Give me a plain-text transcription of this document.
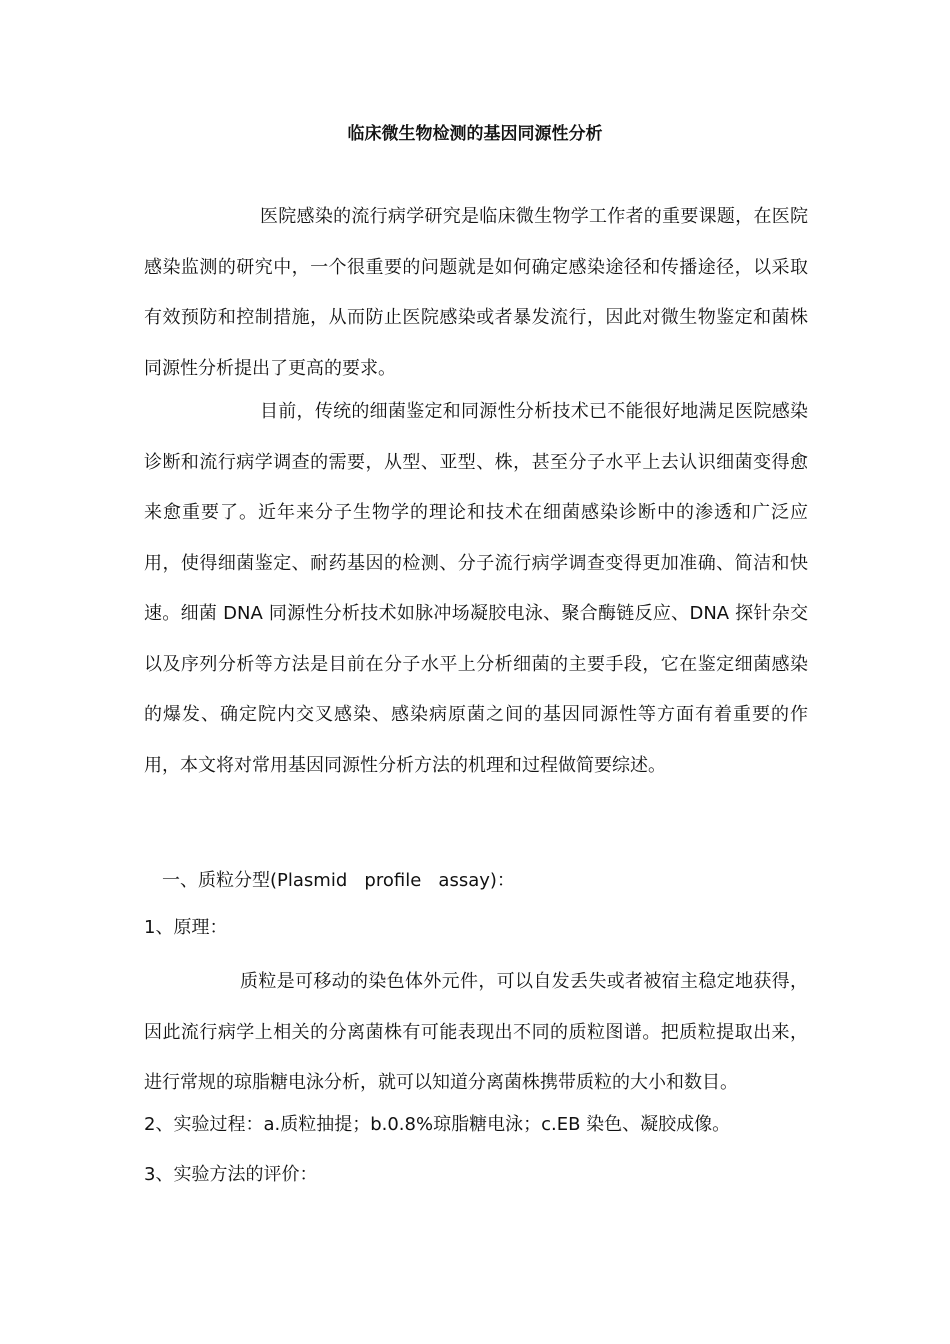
临床微生物检测的基因同源性分析

医院感染的流行病学研究是临床微生物学工作者的重要课题，在医院感染监测的研究中，一个很重要的问题就是如何确定感染途径和传播途径，以采取有效预防和控制措施，从而防止医院感染或者暴发流行，因此对微生物鉴定和菌株同源性分析提出了更高的要求。

目前，传统的细菌鉴定和同源性分析技术已不能很好地满足医院感染诊断和流行病学调查的需要，从型、亚型、株，甚至分子水平上去认识细菌变得愈来愈重要了。近年来分子生物学的理论和技术在细菌感染诊断中的渗透和广泛应用，使得细菌鉴定、耐药基因的检测、分子流行病学调查变得更加准确、简洁和快速。细菌 DNA 同源性分析技术如脉冲场凝胶电泳、聚合酶链反应、DNA 探针杂交以及序列分析等方法是目前在分子水平上分析细菌的主要手段，它在鉴定细菌感染的爆发、确定院内交叉感染、感染病原菌之间的基因同源性等方面有着重要的作用，本文将对常用基因同源性分析方法的机理和过程做简要综述。

一、质粒分型(Plasmid   profile   assay)：
1、原理：

质粒是可移动的染色体外元件，可以自发丢失或者被宿主稳定地获得，因此流行病学上相关的分离菌株有可能表现出不同的质粒图谱。把质粒提取出来，进行常规的琼脂糖电泳分析，就可以知道分离菌株携带质粒的大小和数目。

2、实验过程：a.质粒抽提；b.0.8%琼脂糖电泳；c.EB 染色、凝胶成像。
3、实验方法的评价：
